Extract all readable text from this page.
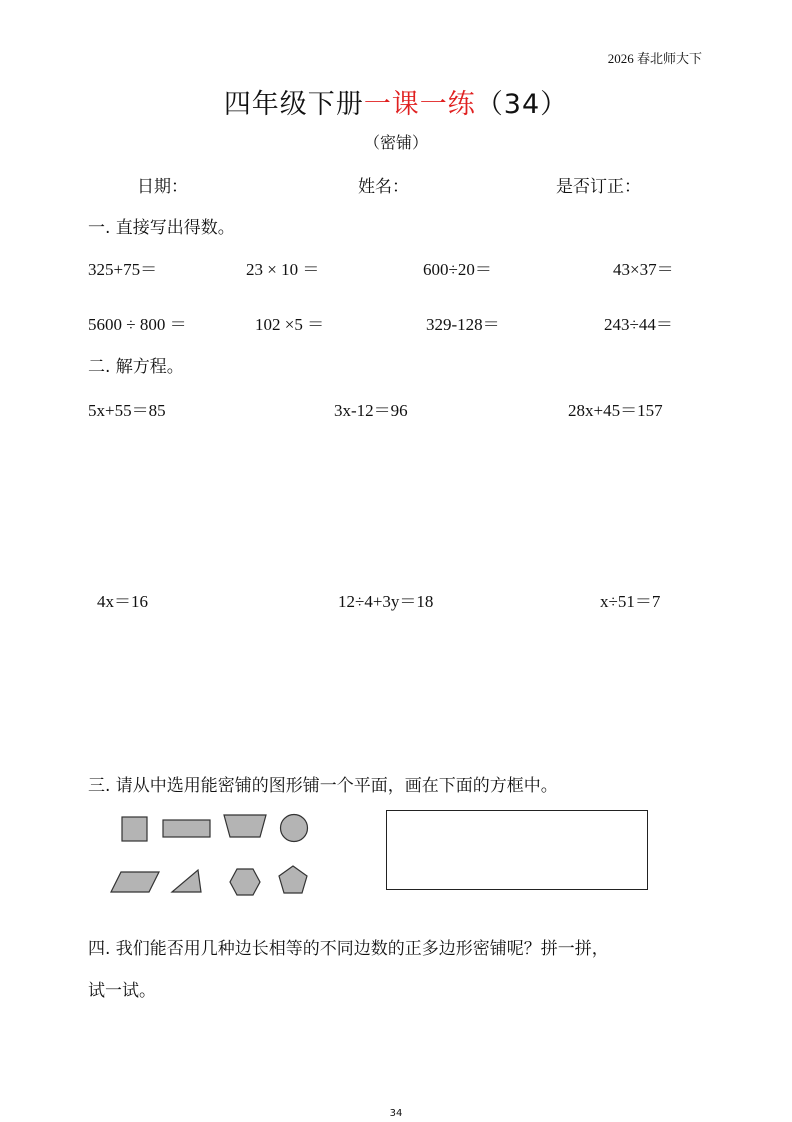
2026 春北师大下
四年级下册一课一练（34）
（密铺）
日期：	姓名：	是否订正：
一. 直接写出得数。
325+75＝	23 × 10 ＝	600÷20＝	43×37＝
5600 ÷ 800 ＝	102 ×5 ＝	329-128＝	243÷44＝
二. 解方程。
5x+55＝85	3x-12＝96	28x+45＝157
4x＝16	12÷4+3y＝18	x÷51＝7
三. 请从中选用能密铺的图形铺一个平面，画在下面的方框中。
四. 我们能否用几种边长相等的不同边数的正多边形密铺呢？拼一拼，
试一试。
34
